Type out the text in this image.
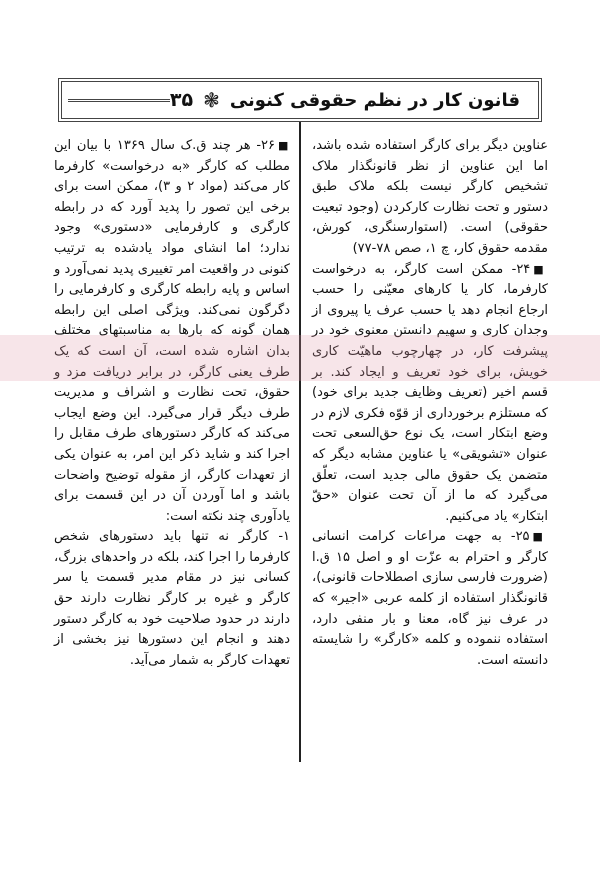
قانون کار در نظم حقوقی کنونی
❃
۳۵

عناوین دیگر برای کارگر استفاده شده باشد، اما این عناوین از نظر قانونگذار ملاک تشخیص کارگر نیست بلکه ملاک طبق دستور و تحت نظارت کارکردن (وجود تبعیت حقوقی) است. (استوارسنگری، کورش، مقدمه حقوق کار، چ ۱، صص ۷۸-۷۷)

■۲۴- ممکن است کارگر، به درخواست کارفرما، کار یا کارهای معیّنی را حسب ارجاع انجام دهد یا حسب عرف یا پیروی از وجدان کاری و سهیم دانستن معنوی خود در پیشرفت کار، در چهارچوب ماهیّت کاری خویش، برای خود تعریف و ایجاد کند. بر قسم اخیر (تعریف وظایف جدید برای خود) که مستلزم برخورداری از قوّه فکری لازم در وضع ابتکار است، یک نوع حق‌السعی تحت عنوان «تشویقی» یا عناوین مشابه دیگر که متضمن یک حقوق مالی جدید است، تعلّق می‌گیرد که ما از آن تحت عنوان «حقّ ابتکار» یاد می‌کنیم.

■۲۵- به جهت مراعات کرامت انسانی کارگر و احترام به عزّت او و اصل ۱۵ ق.ا (ضرورت فارسی سازی اصطلاحات قانونی)، قانونگذار استفاده از کلمه عربی «اجیر» که در عرف نیز گاه، معنا و بار منفی دارد، استفاده ننموده و کلمه «کارگر» را شایسته دانسته است.

■۲۶- هر چند ق.ک سال ۱۳۶۹ با بیان این مطلب که کارگر «به درخواست» کارفرما کار می‌کند (مواد ۲ و ۳)، ممکن است برای برخی این تصور را پدید آورد که در رابطه کارگری و کارفرمایی «دستوری» وجود ندارد؛ اما انشای مواد یادشده به ترتیب کنونی در واقعیت امر تغییری پدید نمی‌آورد و اساس و پایه رابطه کارگری و کارفرمایی را دگرگون نمی‌کند. ویژگی اصلی این رابطه همان گونه که بارها به مناسبتهای مختلف بدان اشاره شده است، آن است که یک طرف یعنی کارگر، در برابر دریافت مزد و حقوق، تحت نظارت و اشراف و مدیریت طرف دیگر قرار می‌گیرد. این وضع ایجاب می‌کند که کارگر دستورهای طرف مقابل را اجرا کند و شاید ذکر این امر، به عنوان یکی از تعهدات کارگر، از مقوله توضیح واضحات باشد و اما آوردن آن در این قسمت برای یادآوری چند نکته است:

۱- کارگر نه تنها باید دستورهای شخص کارفرما را اجرا کند، بلکه در واحدهای بزرگ، کسانی نیز در مقام مدیر قسمت یا سر کارگر و غیره بر کارگر نظارت دارند حق دارند در حدود صلاحیت خود به کارگر دستور دهند و انجام این دستورها نیز بخشی از تعهدات کارگر به شمار می‌آید.
